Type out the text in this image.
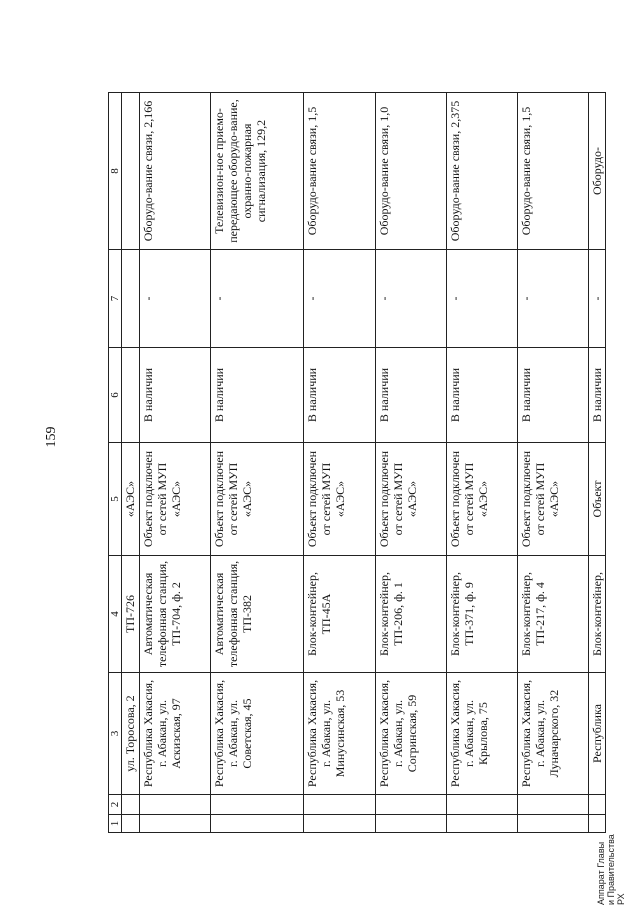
159
1	2	3	4	5	6	7	8
		ул. Торосова, 2	ТП-726	«АЭС»			
		Республика Хакасия, г. Абакан, ул. Аскизская, 97	Автоматическая телефонная станция, ТП-704, ф. 2	Объект подключен от сетей МУП «АЭС»	В наличии	-	Оборудо-вание связи, 2,166
		Республика Хакасия, г. Абакан, ул. Советская, 45	Автоматическая телефонная станция, ТП-382	Объект подключен от сетей МУП «АЭС»	В наличии	-	Телевизион-ное приемо-передающее оборудо-вание, охранно-пожарная сигнализация, 129,2
		Республика Хакасия, г. Абакан, ул. Минусинская, 53	Блок-контейнер, ТП-45А	Объект подключен от сетей МУП «АЭС»	В наличии	-	Оборудо-вание связи, 1,5
		Республика Хакасия, г. Абакан, ул. Согринская, 59	Блок-контейнер, ТП-206, ф. 1	Объект подключен от сетей МУП «АЭС»	В наличии	-	Оборудо-вание связи, 1,0
		Республика Хакасия, г. Абакан, ул. Крылова, 75	Блок-контейнер, ТП-371, ф. 9	Объект подключен от сетей МУП «АЭС»	В наличии	-	Оборудо-вание связи, 2,375
		Республика Хакасия, г. Абакан, ул. Луначарского, 32	Блок-контейнер, ТП-217, ф. 4	Объект подключен от сетей МУП «АЭС»	В наличии	-	Оборудо-вание связи, 1,5
		Республика	Блок-контейнер,	Объект	В наличии	-	Оборудо-
Аппарат Главы и Правительства РХ
